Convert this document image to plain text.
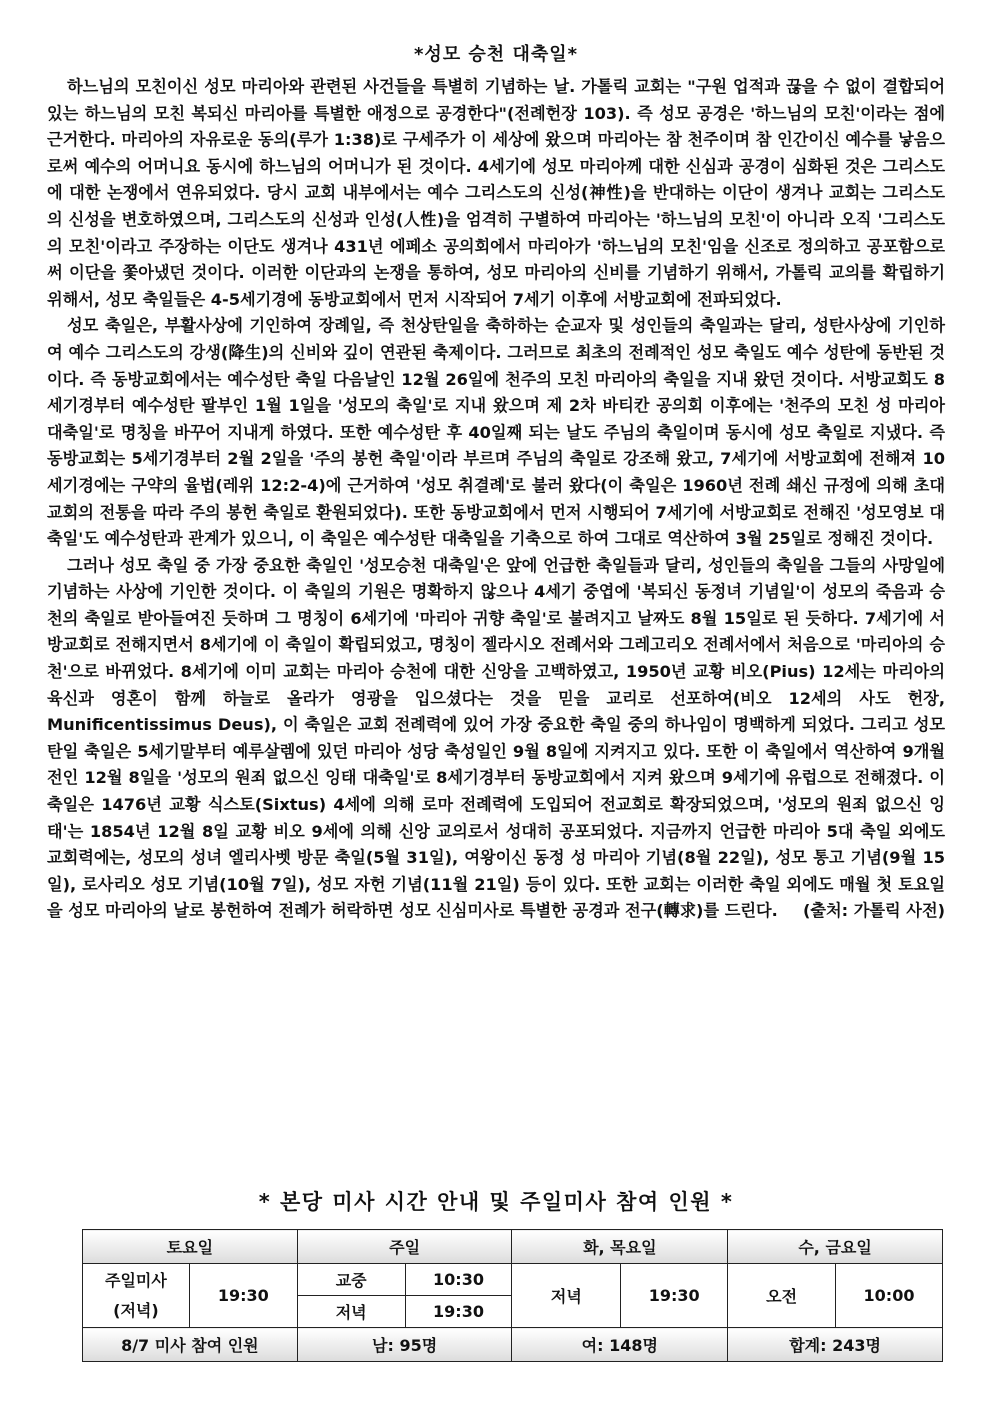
*성모 승천 대축일*

하느님의 모친이신 성모 마리아와 관련된 사건들을 특별히 기념하는 날. 가톨릭 교회는 "구원 업적과 끊을 수 없이 결합되어 있는 하느님의 모친 복되신 마리아를 특별한 애정으로 공경한다"(전례헌장 103). 즉 성모 공경은 '하느님의 모친'이라는 점에 근거한다. 마리아의 자유로운 동의(루가 1:38)로 구세주가 이 세상에 왔으며 마리아는 참 천주이며 참 인간이신 예수를 낳음으로써 예수의 어머니요 동시에 하느님의 어머니가 된 것이다. 4세기에 성모 마리아께 대한 신심과 공경이 심화된 것은 그리스도에 대한 논쟁에서 연유되었다. 당시 교회 내부에서는 예수 그리스도의 신성(神性)을 반대하는 이단이 생겨나 교회는 그리스도의 신성을 변호하였으며, 그리스도의 신성과 인성(人性)을 엄격히 구별하여 마리아는 '하느님의 모친'이 아니라 오직 '그리스도의 모친'이라고 주장하는 이단도 생겨나 431년 에페소 공의회에서 마리아가 '하느님의 모친'임을 신조로 정의하고 공포함으로써 이단을 쫓아냈던 것이다. 이러한 이단과의 논쟁을 통하여, 성모 마리아의 신비를 기념하기 위해서, 가톨릭 교의를 확립하기 위해서, 성모 축일들은 4-5세기경에 동방교회에서 먼저 시작되어 7세기 이후에 서방교회에 전파되었다.

성모 축일은, 부활사상에 기인하여 장례일, 즉 천상탄일을 축하하는 순교자 및 성인들의 축일과는 달리, 성탄사상에 기인하여 예수 그리스도의 강생(降生)의 신비와 깊이 연관된 축제이다. 그러므로 최초의 전례적인 성모 축일도 예수 성탄에 동반된 것이다. 즉 동방교회에서는 예수성탄 축일 다음날인 12월 26일에 천주의 모친 마리아의 축일을 지내 왔던 것이다. 서방교회도 8세기경부터 예수성탄 팔부인 1월 1일을 '성모의 축일'로 지내 왔으며 제 2차 바티칸 공의회 이후에는 '천주의 모친 성 마리아 대축일'로 명칭을 바꾸어 지내게 하였다. 또한 예수성탄 후 40일째 되는 날도 주님의 축일이며 동시에 성모 축일로 지냈다. 즉 동방교회는 5세기경부터 2월 2일을 '주의 봉헌 축일'이라 부르며 주님의 축일로 강조해 왔고, 7세기에 서방교회에 전해져 10세기경에는 구약의 율법(레위 12:2-4)에 근거하여 '성모 취결례'로 불러 왔다(이 축일은 1960년 전례 쇄신 규정에 의해 초대 교회의 전통을 따라 주의 봉헌 축일로 환원되었다). 또한 동방교회에서 먼저 시행되어 7세기에 서방교회로 전해진 '성모영보 대축일'도 예수성탄과 관계가 있으니, 이 축일은 예수성탄 대축일을 기축으로 하여 그대로 역산하여 3월 25일로 정해진 것이다.

그러나 성모 축일 중 가장 중요한 축일인 '성모승천 대축일'은 앞에 언급한 축일들과 달리, 성인들의 축일을 그들의 사망일에 기념하는 사상에 기인한 것이다. 이 축일의 기원은 명확하지 않으나 4세기 중엽에 '복되신 동정녀 기념일'이 성모의 죽음과 승천의 축일로 받아들여진 듯하며 그 명칭이 6세기에 '마리아 귀향 축일'로 불려지고 날짜도 8월 15일로 된 듯하다. 7세기에 서방교회로 전해지면서 8세기에 이 축일이 확립되었고, 명칭이 젤라시오 전례서와 그레고리오 전례서에서 처음으로 '마리아의 승천'으로 바뀌었다. 8세기에 이미 교회는 마리아 승천에 대한 신앙을 고백하였고, 1950년 교황 비오(Pius) 12세는 마리아의 육신과 영혼이 함께 하늘로 올라가 영광을 입으셨다는 것을 믿을 교리로 선포하여(비오 12세의 사도 헌장, Munificentissimus Deus), 이 축일은 교회 전례력에 있어 가장 중요한 축일 중의 하나임이 명백하게 되었다. 그리고 성모탄일 축일은 5세기말부터 예루살렘에 있던 마리아 성당 축성일인 9월 8일에 지켜지고 있다. 또한 이 축일에서 역산하여 9개월 전인 12월 8일을 '성모의 원죄 없으신 잉태 대축일'로 8세기경부터 동방교회에서 지켜 왔으며 9세기에 유럽으로 전해졌다. 이 축일은 1476년 교황 식스토(Sixtus) 4세에 의해 로마 전례력에 도입되어 전교회로 확장되었으며, '성모의 원죄 없으신 잉태'는 1854년 12월 8일 교황 비오 9세에 의해 신앙 교의로서 성대히 공포되었다. 지금까지 언급한 마리아 5대 축일 외에도 교회력에는, 성모의 성녀 엘리사벳 방문 축일(5월 31일), 여왕이신 동정 성 마리아 기념(8월 22일), 성모 통고 기념(9월 15일), 로사리오 성모 기념(10월 7일), 성모 자헌 기념(11월 21일) 등이 있다. 또한 교회는 이러한 축일 외에도 매월 첫 토요일을 성모 마리아의 날로 봉헌하여 전례가 허락하면 성모 신심미사로 특별한 공경과 전구(轉求)를 드린다.	(출처: 가톨릭 사전)

* 본당 미사 시간 안내 및 주일미사 참여 인원 *
토요일		주일		화, 목요일		수, 금요일	
주일미사
(저녁)	19:30	교중	10:30	저녁	19:30	오전	10:00
		저녁	19:30				
8/7 미사 참여 인원		남: 95명		여: 148명		합계: 243명	
